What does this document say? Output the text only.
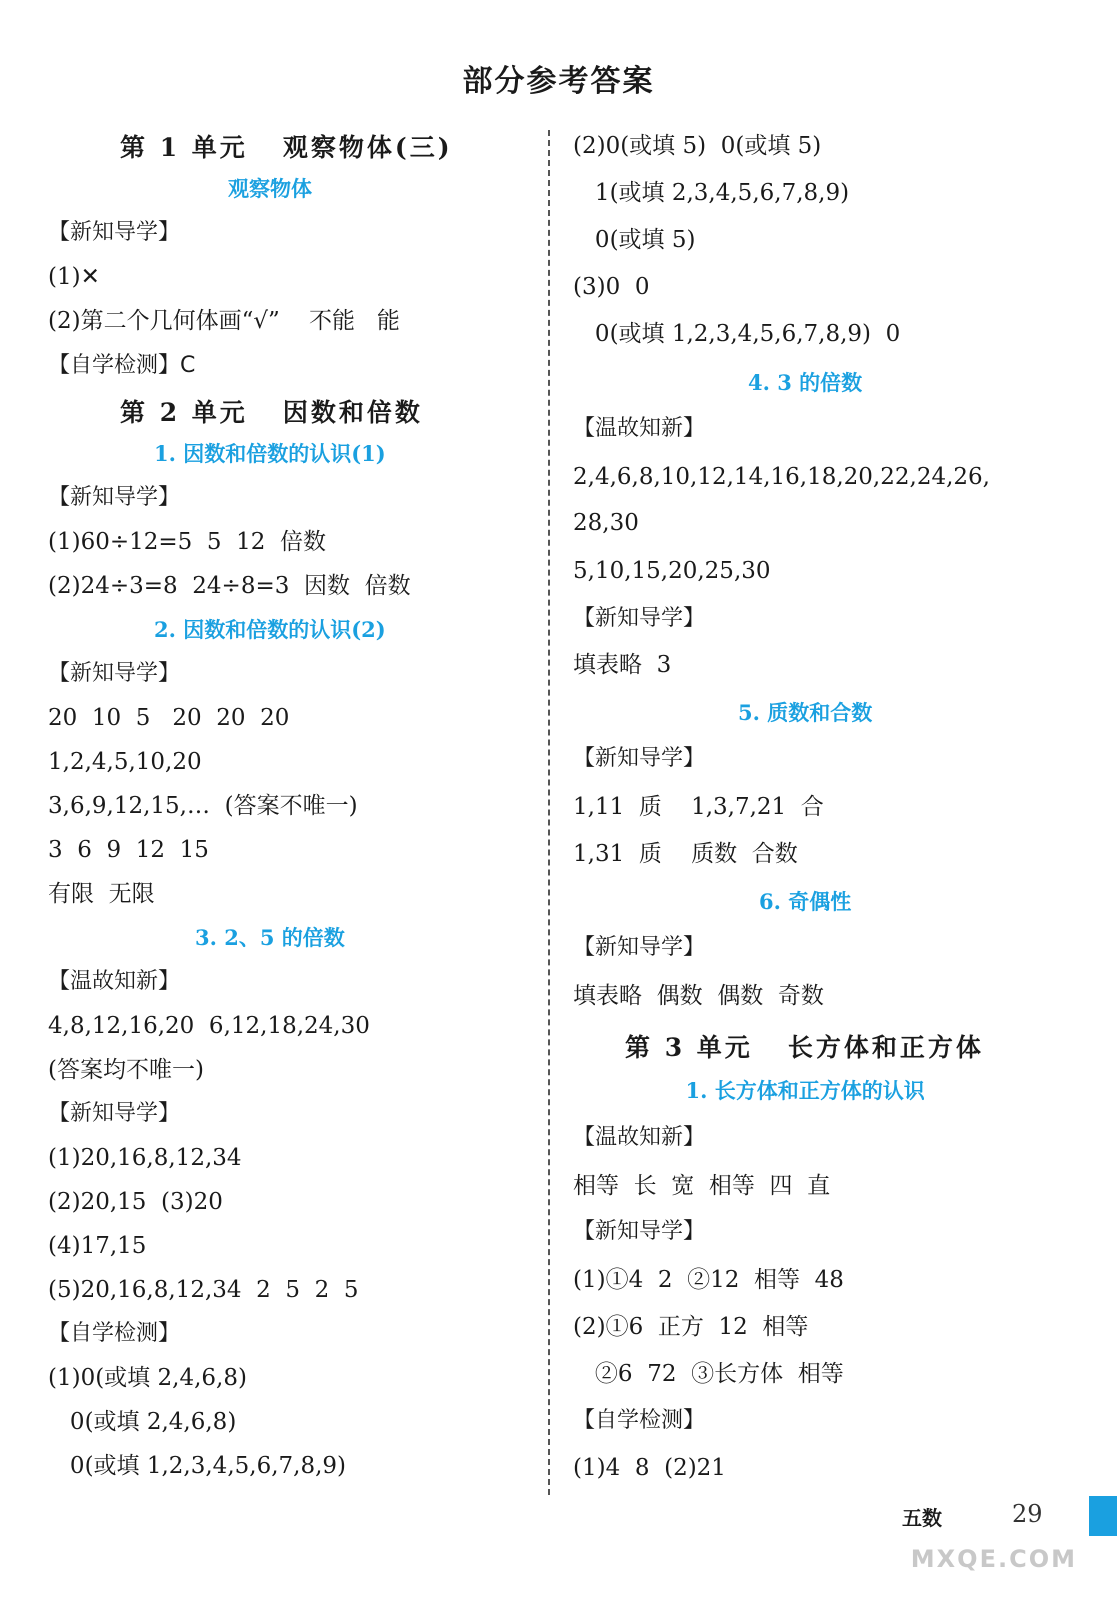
部分参考答案
第 1 单元   观察物体(三)
观察物体
【新知导学】
(1)✕
(2)第二个几何体画“√”    不能   能
【自学检测】C
第 2 单元   因数和倍数
1. 因数和倍数的认识(1)
【新知导学】
(1)60÷12=5  5  12  倍数
(2)24÷3=8  24÷8=3  因数  倍数
2. 因数和倍数的认识(2)
【新知导学】
20  10  5   20  20  20
1,2,4,5,10,20
3,6,9,12,15,…  (答案不唯一)
3  6  9  12  15
有限  无限
3. 2、5 的倍数
【温故知新】
4,8,12,16,20  6,12,18,24,30
(答案均不唯一)
【新知导学】
(1)20,16,8,12,34
(2)20,15  (3)20
(4)17,15
(5)20,16,8,12,34  2  5  2  5
【自学检测】
(1)0(或填 2,4,6,8)
0(或填 2,4,6,8)
0(或填 1,2,3,4,5,6,7,8,9)
(2)0(或填 5)  0(或填 5)
1(或填 2,3,4,5,6,7,8,9)
0(或填 5)
(3)0  0
0(或填 1,2,3,4,5,6,7,8,9)  0
4. 3 的倍数
【温故知新】
2,4,6,8,10,12,14,16,18,20,22,24,26,
28,30
5,10,15,20,25,30
【新知导学】
填表略  3
5. 质数和合数
【新知导学】
1,11  质    1,3,7,21  合
1,31  质    质数  合数
6. 奇偶性
【新知导学】
填表略  偶数  偶数  奇数
第 3 单元   长方体和正方体
1. 长方体和正方体的认识
【温故知新】
相等  长  宽  相等  四  直
【新知导学】
(1)①4  2  ②12  相等  48
(2)①6  正方  12  相等
②6  72  ③长方体  相等
【自学检测】
(1)4  8  (2)21
五数	29
MXQE.COM
